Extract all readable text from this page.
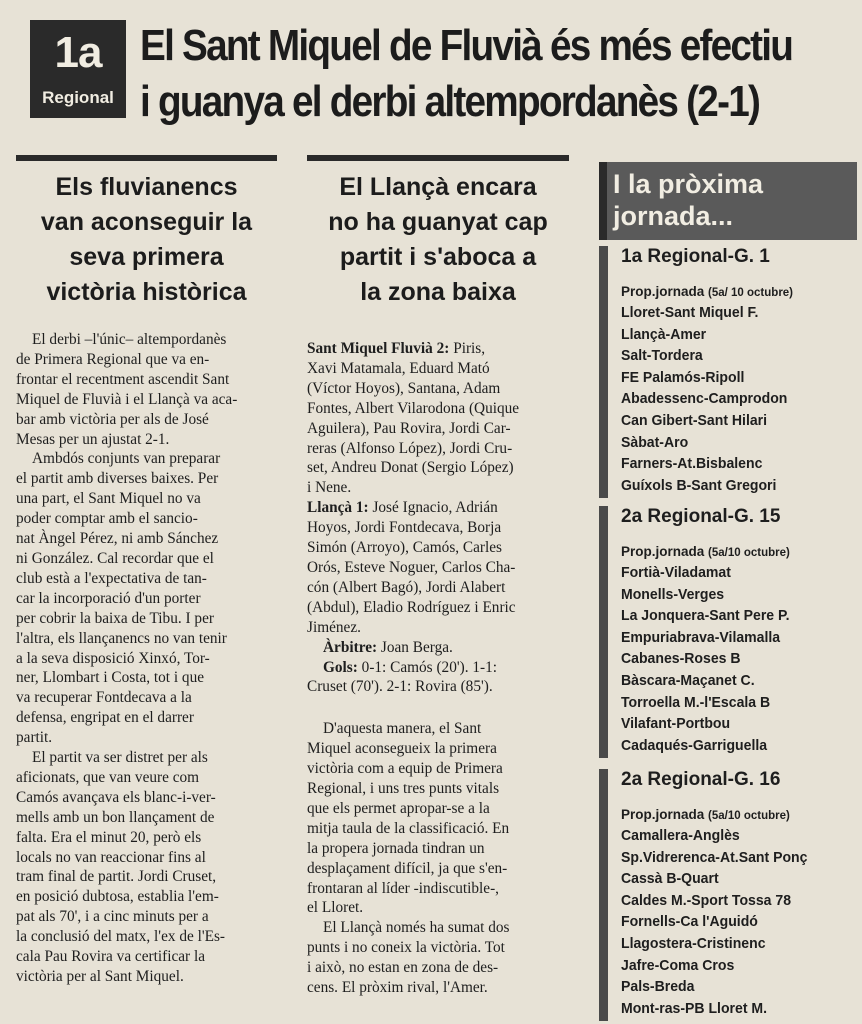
1a
Regional
El Sant Miquel de Fluvià és més efectiu
i guanya el derbi altempordanès (2-1)
Els fluvianencs
van aconseguir la
seva primera
victòria històrica
El derbi –l'únic– altempordanès
de Primera Regional que va en-
frontar el recentment ascendit Sant
Miquel de Fluvià i el Llançà va aca-
bar amb victòria per als de José
Mesas per un ajustat 2-1.
Ambdós conjunts van preparar
el partit amb diverses baixes. Per
una part, el Sant Miquel no va
poder comptar amb el sancio-
nat Àngel Pérez, ni amb Sánchez
ni González. Cal recordar que el
club està a l'expectativa de tan-
car la incorporació d'un porter
per cobrir la baixa de Tibu. I per
l'altra, els llançanencs no van tenir
a la seva disposició Xinxó, Tor-
ner, Llombart i Costa, tot i que
va recuperar Fontdecava a la
defensa, engripat en el darrer
partit.
El partit va ser distret per als
aficionats, que van veure com
Camós avançava els blanc-i-ver-
mells amb un bon llançament de
falta. Era el minut 20, però els
locals no van reaccionar fins al
tram final de partit. Jordi Cruset,
en posició dubtosa, establia l'em-
pat als 70', i a cinc minuts per a
la conclusió del matx, l'ex de l'Es-
cala Pau Rovira va certificar la
victòria per al Sant Miquel.
El Llançà encara
no ha guanyat cap
partit i s'aboca a
la zona baixa
Sant Miquel Fluvià 2: Piris,
Xavi Matamala, Eduard Mató
(Víctor Hoyos), Santana, Adam
Fontes, Albert Vilarodona (Quique
Aguilera), Pau Rovira, Jordi Car-
reras (Alfonso López), Jordi Cru-
set, Andreu Donat (Sergio López)
i Nene.
Llançà 1: José Ignacio, Adrián
Hoyos, Jordi Fontdecava, Borja
Simón (Arroyo), Camós, Carles
Orós, Esteve Noguer, Carlos Cha-
cón (Albert Bagó), Jordi Alabert
(Abdul), Eladio Rodríguez i Enric
Jiménez.
Àrbitre: Joan Berga.
Gols: 0-1: Camós (20'). 1-1:
Cruset (70'). 2-1: Rovira (85').
D'aquesta manera, el Sant
Miquel aconsegueix la primera
victòria com a equip de Primera
Regional, i uns tres punts vitals
que els permet apropar-se a la
mitja taula de la classificació. En
la propera jornada tindran un
desplaçament difícil, ja que s'en-
frontaran al líder -indiscutible-,
el Lloret.
El Llançà només ha sumat dos
punts i no coneix la victòria. Tot
i això, no estan en zona de des-
cens. El pròxim rival, l'Amer.
I la pròxima
jornada...
1a Regional-G. 1
Prop.jornada (5a/ 10 octubre)
Lloret-Sant Miquel F.
Llançà-Amer
Salt-Tordera
FE Palamós-Ripoll
Abadessenc-Camprodon
Can Gibert-Sant Hilari
Sàbat-Aro
Farners-At.Bisbalenc
Guíxols B-Sant Gregori
2a Regional-G. 15
Prop.jornada (5a/10 octubre)
Fortià-Viladamat
Monells-Verges
La Jonquera-Sant Pere P.
Empuriabrava-Vilamalla
Cabanes-Roses B
Bàscara-Maçanet C.
Torroella M.-l'Escala B
Vilafant-Portbou
Cadaqués-Garriguella
2a Regional-G. 16
Prop.jornada (5a/10 octubre)
Camallera-Anglès
Sp.Vidrerenca-At.Sant Ponç
Cassà B-Quart
Caldes M.-Sport Tossa 78
Fornells-Ca l'Aguidó
Llagostera-Cristinenc
Jafre-Coma Cros
Pals-Breda
Mont-ras-PB Lloret M.
